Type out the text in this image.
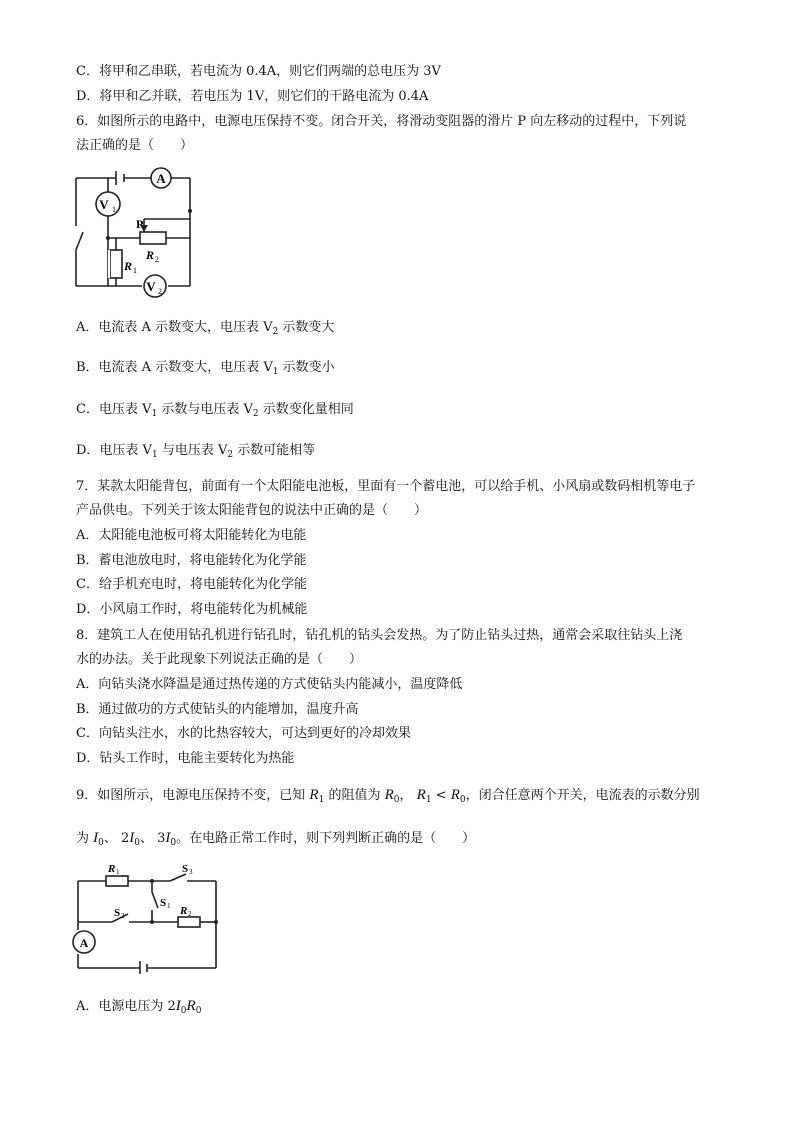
C．将甲和乙串联，若电流为 0.4A，则它们两端的总电压为 3V
D．将甲和乙并联，若电压为 1V，则它们的干路电流为 0.4A
6．如图所示的电路中，电源电压保持不变。闭合开关，将滑动变阻器的滑片 P 向左移动的过程中，下列说
法正确的是（　　）
A
V 1
V 2
P
R 1
R 2
A．电流表 A 示数变大，电压表 $V_2$ 示数变大
B．电流表 A 示数变大，电压表 $V_1$ 示数变小
C．电压表 $V_1$ 示数与电压表 $V_2$ 示数变化量相同
D．电压表 $V_1$ 与电压表 $V_2$ 示数可能相等
7．某款太阳能背包，前面有一个太阳能电池板，里面有一个蓄电池，可以给手机、小风扇或数码相机等电子
产品供电。下列关于该太阳能背包的说法中正确的是（　　）
A．太阳能电池板可将太阳能转化为电能
B．蓄电池放电时，将电能转化为化学能
C．给手机充电时，将电能转化为化学能
D．小风扇工作时，将电能转化为机械能
8．建筑工人在使用钻孔机进行钻孔时，钻孔机的钻头会发热。为了防止钻头过热，通常会采取往钻头上浇
水的办法。关于此现象下列说法正确的是（　　）
A．向钻头浇水降温是通过热传递的方式使钻头内能减小，温度降低
B．通过做功的方式使钻头的内能增加，温度升高
C．向钻头注水，水的比热容较大，可达到更好的冷却效果
D．钻头工作时，电能主要转化为热能
9．如图所示，电源电压保持不变，已知 $R_1$ 的阻值为 $R_0$， $R_1 < R_0$，闭合任意两个开关，电流表的示数分别
为 $I_0$、 $2I_0$、 $3I_0$。在电路正常工作时，则下列判断正确的是（　　）
A
R 1
R 2
S 3
S 2
S 1
A．电源电压为 $2I_0R_0$
